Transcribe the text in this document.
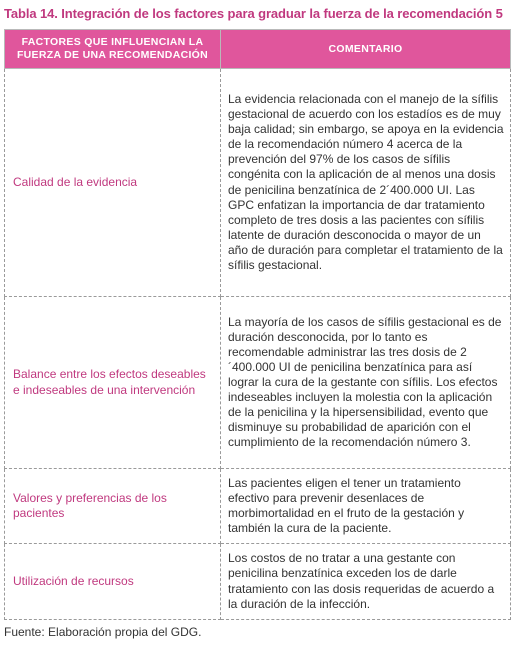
Tabla 14. Integración de los factores para graduar la fuerza de la recomendación 5
FACTORES QUE INFLUENCIAN LA FUERZA DE UNA RECOMENDACIÓN	COMENTARIO
Calidad de la evidencia	La evidencia relacionada con el manejo de la sífilis gestacional de acuerdo con los estadíos es de muy baja calidad; sin embargo, se apoya en la evidencia de la recomendación número 4 acerca de la prevención del 97% de los casos de sífilis congénita con la aplicación de al menos una dosis de penicilina benzatínica de 2´400.000 UI. Las GPC enfatizan la importancia de dar tratamiento completo de tres dosis a las pacientes con sífilis latente de duración desconocida o mayor de un año de duración para completar el tratamiento de la sífilis gestacional.
Balance entre los efectos deseables e indeseables de una intervención	La mayoría de los casos de sífilis gestacional es de duración desconocida, por lo tanto es recomendable administrar las tres dosis de 2´400.000 UI de penicilina benzatínica para así lograr la cura de la gestante con sífilis. Los efectos indeseables incluyen la molestia con la aplicación de la penicilina y la hipersensibilidad, evento que disminuye su probabilidad de aparición con el cumplimiento de la recomendación número 3.
Valores y preferencias de los pacientes	Las pacientes eligen el tener un tratamiento efectivo para prevenir desenlaces de morbimortalidad en el fruto de la gestación y también la cura de la paciente.
Utilización de recursos	Los costos de no tratar a una gestante con penicilina benzatínica exceden los de darle tratamiento con las dosis requeridas de acuerdo a la duración de la infección.
Fuente: Elaboración propia del GDG.
